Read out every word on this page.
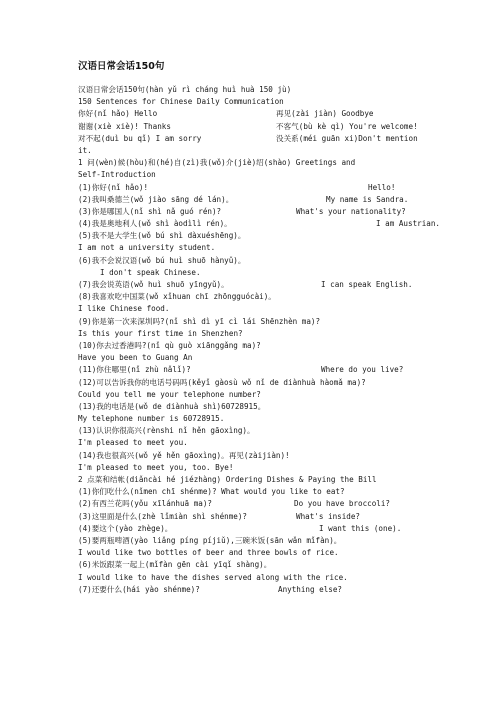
汉语日常会话150句
汉语日常会话150句(hàn yǔ rì cháng huì huà 150 jù)
150 Sentences for Chinese Daily Communication
你好(nǐ hǎo) Hello	再见(zài jiàn) Goodbye
谢谢(xiè xiè)! Thanks	不客气(bù kè qì) You're welcome!
对不起(duì bu qǐ) I am sorry	没关系(méi guān xi)Don't mention
it.
1 问(wèn)候(hòu)和(hé)自(zì)我(wǒ)介(jiè)绍(shào) Greetings and
Self-Introduction
(1)你好(nǐ hǎo)!	Hello!
(2)我叫桑德兰(wǒ jiào sāng dé lán)。	My name is Sandra.
(3)你是哪国人(nǐ shì nǎ guó rén)?	What's your nationality?
(4)我是奥地利人(wǒ shì àodìlì rén)。	I am Austrian.
(5)我不是大学生(wǒ bú shì dàxuéshēng)。
I am not a university student.
(6)我不会说汉语(wǒ bú huì shuō hànyǔ)。
I don't speak Chinese.
(7)我会说英语(wǒ huì shuō yīngyǔ)。	I can speak English.
(8)我喜欢吃中国菜(wǒ xǐhuan chī zhōngguócài)。
I like Chinese food.
(9)你是第一次来深圳吗?(nǐ shì dì yī cì lái Shēnzhèn ma)?
Is this your first time in Shenzhen?
(10)你去过香港吗?(nǐ qù guò xiānggǎng ma)?
Have you been to Guang An
(11)你住哪里(nǐ zhù nǎlǐ)?	Where do you live?
(12)可以告诉我你的电话号码吗(kěyǐ gàosù wǒ nǐ de diànhuà hàomǎ ma)?
Could you tell me your telephone number?
(13)我的电话是(wǒ de diànhuà shì)60728915。
My telephone number is 60728915.
(13)认识你很高兴(rènshi nǐ hěn gāoxìng)。
I'm pleased to meet you.
(14)我也很高兴(wǒ yě hěn gāoxìng)。再见(zàijiàn)!
I'm pleased to meet you, too. Bye!
2 点菜和结帐(diǎncài hé jiézhàng) Ordering Dishes & Paying the Bill
(1)你们吃什么(nǐmen chī shénme)? What would you like to eat?
(2)有西兰花吗(yǒu xīlánhuā ma)?	Do you have broccoli?
(3)这里面是什么(zhè lǐmiàn shì shénme)?	What's inside?
(4)要这个(yào zhège)。	I want this (one).
(5)要两瓶啤酒(yào liǎng píng píjiǔ),三碗米饭(sān wǎn mǐfàn)。
I would like two bottles of beer and three bowls of rice.
(6)米饭跟菜一起上(mǐfàn gēn cài yīqǐ shàng)。
I would like to have the dishes served along with the rice.
(7)还要什么(hái yào shénme)?	Anything else?
